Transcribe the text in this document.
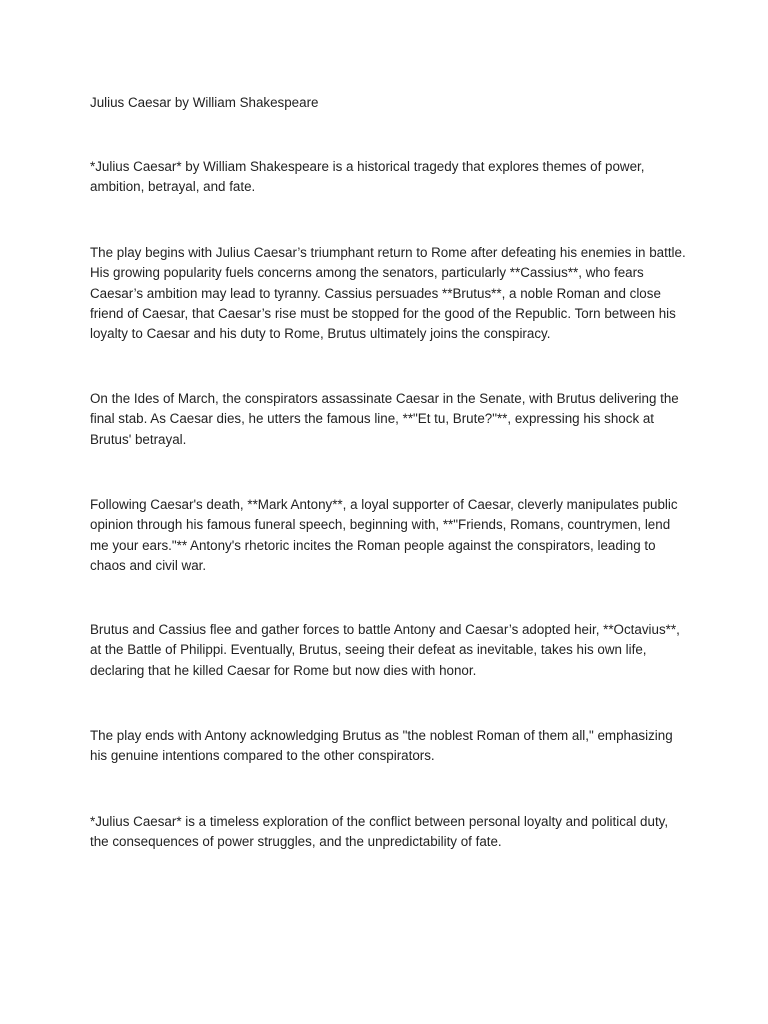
Julius Caesar by William Shakespeare

*Julius Caesar* by William Shakespeare is a historical tragedy that explores themes of power, ambition, betrayal, and fate.

The play begins with Julius Caesar’s triumphant return to Rome after defeating his enemies in battle. His growing popularity fuels concerns among the senators, particularly **Cassius**, who fears Caesar’s ambition may lead to tyranny. Cassius persuades **Brutus**, a noble Roman and close friend of Caesar, that Caesar’s rise must be stopped for the good of the Republic. Torn between his loyalty to Caesar and his duty to Rome, Brutus ultimately joins the conspiracy.

On the Ides of March, the conspirators assassinate Caesar in the Senate, with Brutus delivering the final stab. As Caesar dies, he utters the famous line, **"Et tu, Brute?"**, expressing his shock at Brutus' betrayal.

Following Caesar's death, **Mark Antony**, a loyal supporter of Caesar, cleverly manipulates public opinion through his famous funeral speech, beginning with, **"Friends, Romans, countrymen, lend me your ears."** Antony's rhetoric incites the Roman people against the conspirators, leading to chaos and civil war.

Brutus and Cassius flee and gather forces to battle Antony and Caesar’s adopted heir, **Octavius**, at the Battle of Philippi. Eventually, Brutus, seeing their defeat as inevitable, takes his own life, declaring that he killed Caesar for Rome but now dies with honor.

The play ends with Antony acknowledging Brutus as "the noblest Roman of them all," emphasizing his genuine intentions compared to the other conspirators.

*Julius Caesar* is a timeless exploration of the conflict between personal loyalty and political duty, the consequences of power struggles, and the unpredictability of fate.
